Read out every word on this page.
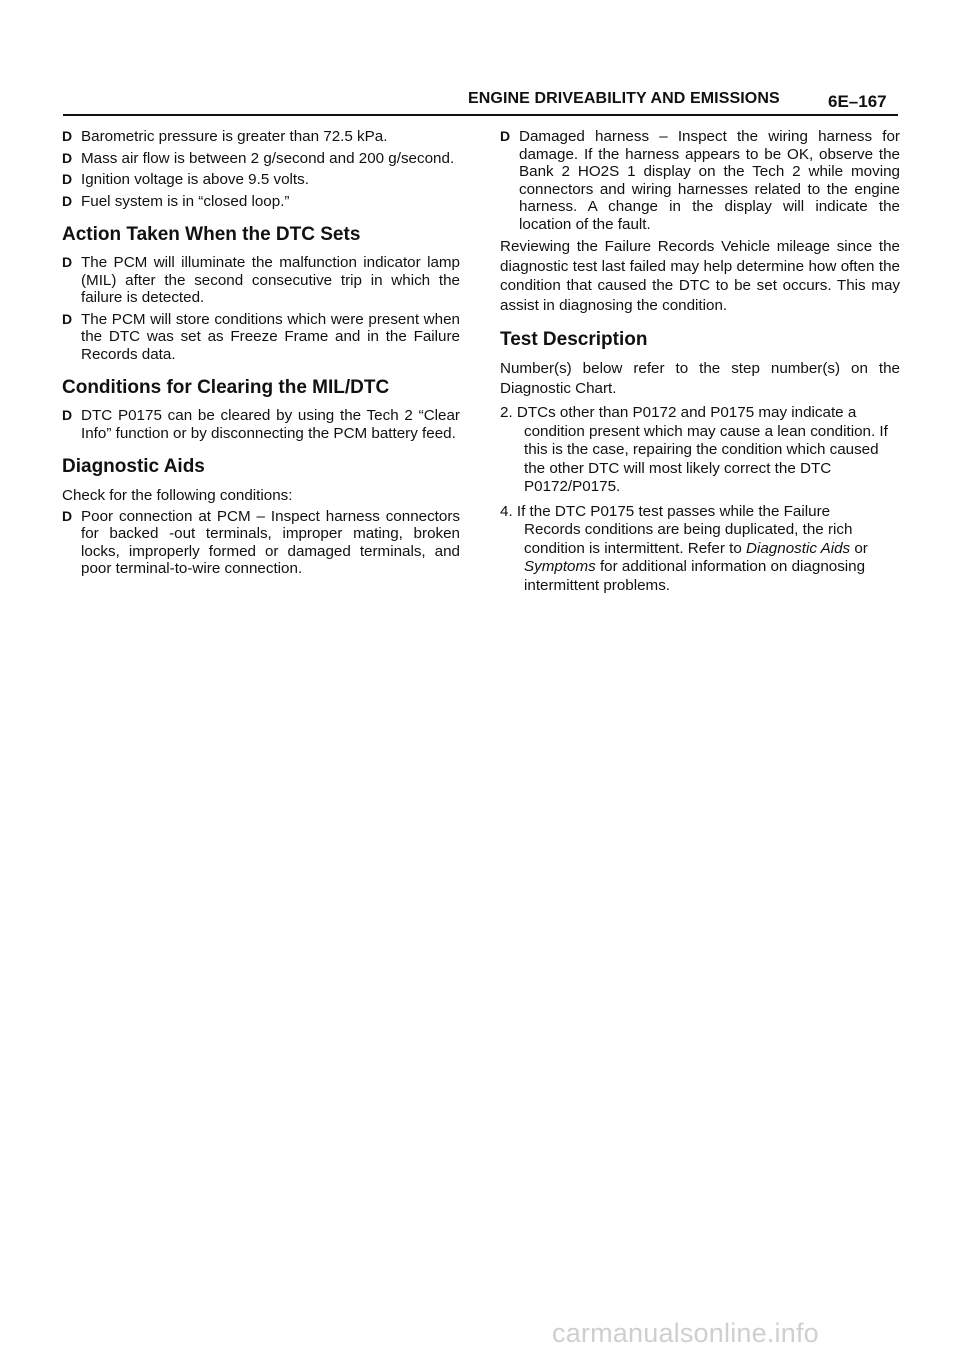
ENGINE DRIVEABILITY AND EMISSIONS	6E–167
D Barometric pressure is greater than 72.5 kPa.
D Mass air flow is between 2 g/second and 200 g/second.
D Ignition voltage is above 9.5 volts.
D Fuel system is in “closed loop.”
Action Taken When the DTC Sets
D The PCM will illuminate the malfunction indicator lamp (MIL) after the second consecutive trip in which the failure is detected.
D The PCM will store conditions which were present when the DTC was set as Freeze Frame and in the Failure Records data.
Conditions for Clearing the MIL/DTC
D DTC P0175 can be cleared by using the Tech 2 “Clear Info” function or by disconnecting the PCM battery feed.
Diagnostic Aids
Check for the following conditions:
D Poor connection at PCM – Inspect harness connectors for backed -out terminals, improper mating, broken locks, improperly formed or damaged terminals, and poor terminal-to-wire connection.
D Damaged harness – Inspect the wiring harness for damage. If the harness appears to be OK, observe the Bank 2 HO2S 1 display on the Tech 2 while moving connectors and wiring harnesses related to the engine harness. A change in the display will indicate the location of the fault.
Reviewing the Failure Records Vehicle mileage since the diagnostic test last failed may help determine how often the condition that caused the DTC to be set occurs. This may assist in diagnosing the condition.
Test Description
Number(s) below refer to the step number(s) on the Diagnostic Chart.
2. DTCs other than P0172 and P0175 may indicate a
condition present which may cause a lean condition. If this is the case, repairing the condition which caused the other DTC will most likely correct the DTC P0172/P0175.
4. If the DTC P0175 test passes while the Failure
Records conditions are being duplicated, the rich condition is intermittent. Refer to Diagnostic Aids or Symptoms for additional information on diagnosing intermittent problems.
carmanualsonline.info
